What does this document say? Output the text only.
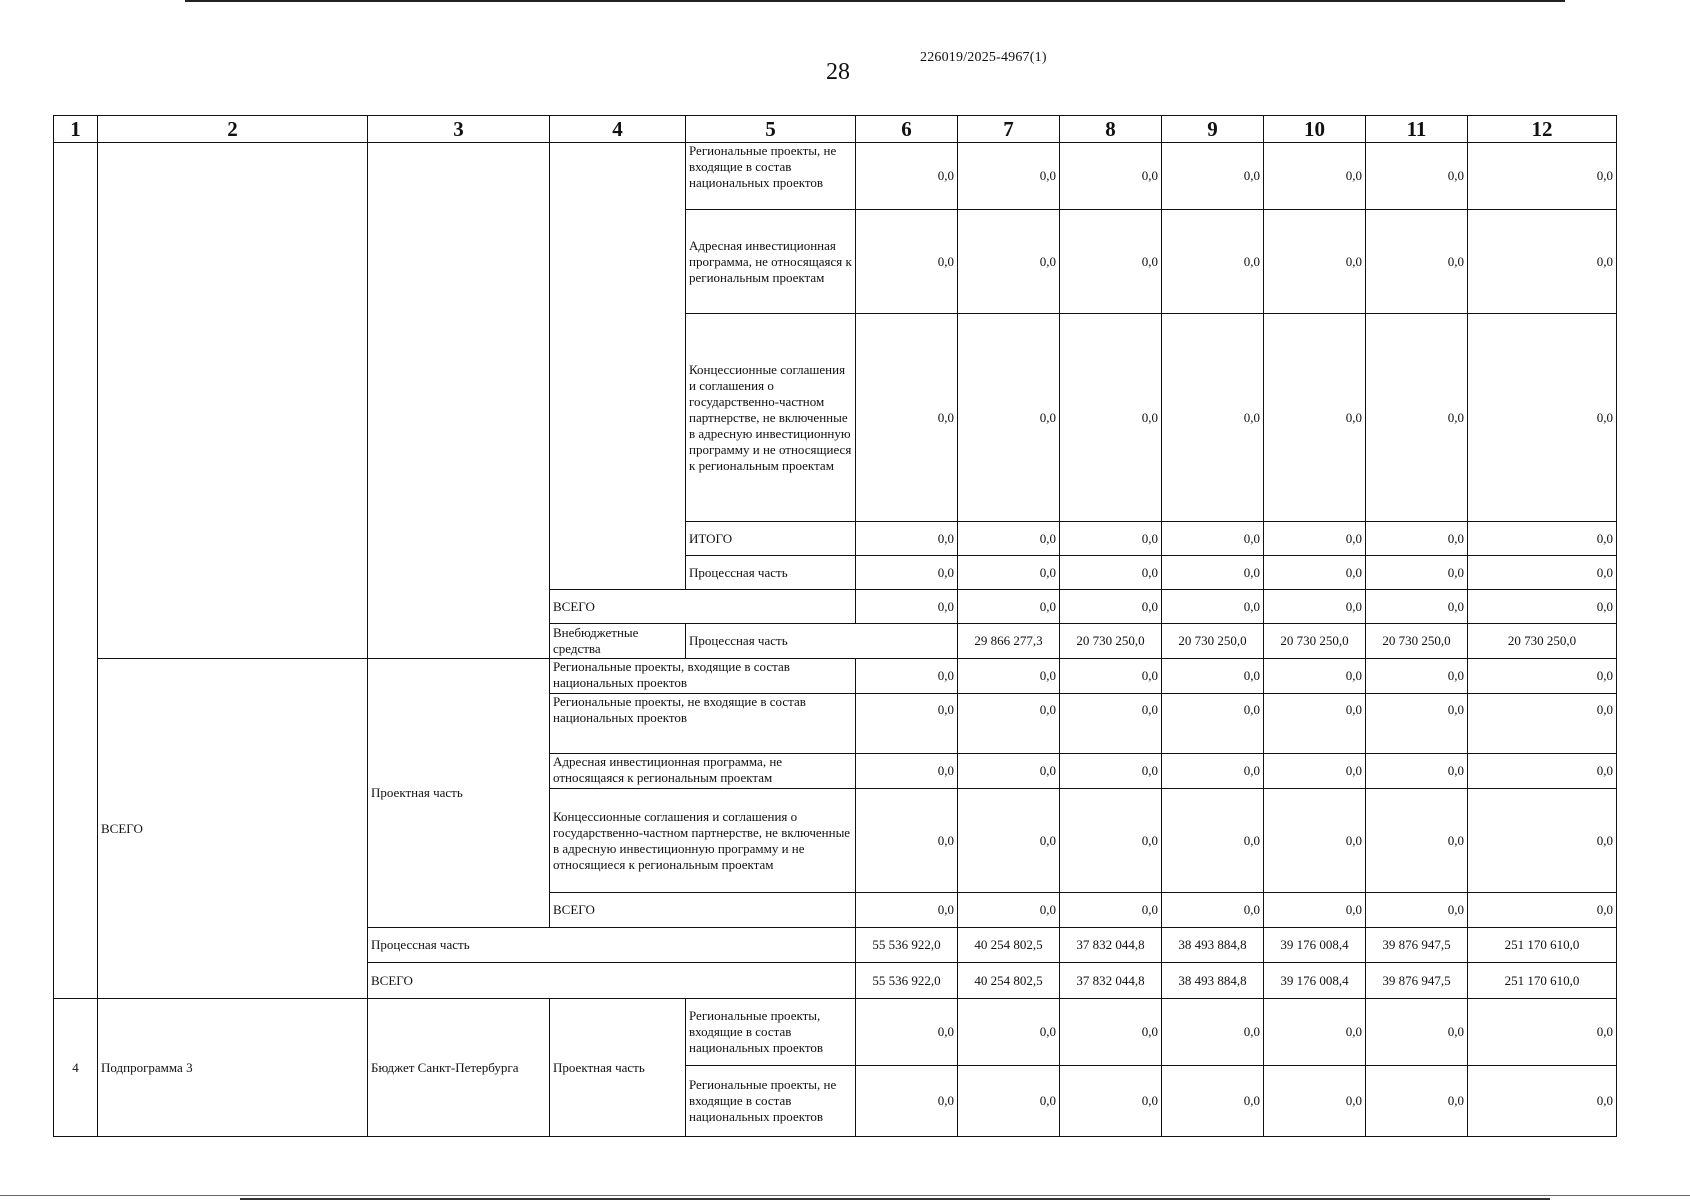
28
226019/2025-4967(1)
1	2	3	4	5	6	7	8	9	10	11	12	
				Региональные проекты, не входящие в состав национальных проектов	0,0	0,0	0,0	0,0	0,0	0,0	0,0	
				Адресная инвестиционная программа, не относящаяся к региональным проектам	0,0	0,0	0,0	0,0	0,0	0,0	0,0	
				Концессионные соглашения и соглашения о государственно-частном партнерстве, не включенные в адресную инвестиционную программу и не относящиеся к региональным проектам	0,0	0,0	0,0	0,0	0,0	0,0	0,0	
				ИТОГО	0,0	0,0	0,0	0,0	0,0	0,0	0,0	
				Процессная часть	0,0	0,0	0,0	0,0	0,0	0,0	0,0	
			ВСЕГО		0,0	0,0	0,0	0,0	0,0	0,0	0,0	
			Внебюджетные средства	Процессная часть		29 866 277,3	20 730 250,0	20 730 250,0	20 730 250,0	20 730 250,0	20 730 250,0	
	ВСЕГО	Проектная часть	Региональные проекты, входящие в состав национальных проектов		0,0	0,0	0,0	0,0	0,0	0,0	0,0	
			Региональные проекты, не входящие в состав национальных проектов		0,0	0,0	0,0	0,0	0,0	0,0	0,0	
			Адресная инвестиционная программа, не относящаяся к региональным проектам		0,0	0,0	0,0	0,0	0,0	0,0	0,0	
			Концессионные соглашения и соглашения о государственно-частном партнерстве, не включенные в адресную инвестиционную программу и не относящиеся к региональным проектам		0,0	0,0	0,0	0,0	0,0	0,0	0,0	
			ВСЕГО		0,0	0,0	0,0	0,0	0,0	0,0	0,0	
		Процессная часть			55 536 922,0	40 254 802,5	37 832 044,8	38 493 884,8	39 176 008,4	39 876 947,5	251 170 610,0	
		ВСЕГО			55 536 922,0	40 254 802,5	37 832 044,8	38 493 884,8	39 176 008,4	39 876 947,5	251 170 610,0	
4	Подпрограмма 3	Бюджет Санкт-Петербурга	Проектная часть	Региональные проекты, входящие в состав национальных проектов	0,0	0,0	0,0	0,0	0,0	0,0	0,0	
				Региональные проекты, не входящие в состав национальных проектов	0,0	0,0	0,0	0,0	0,0	0,0	0,0	
